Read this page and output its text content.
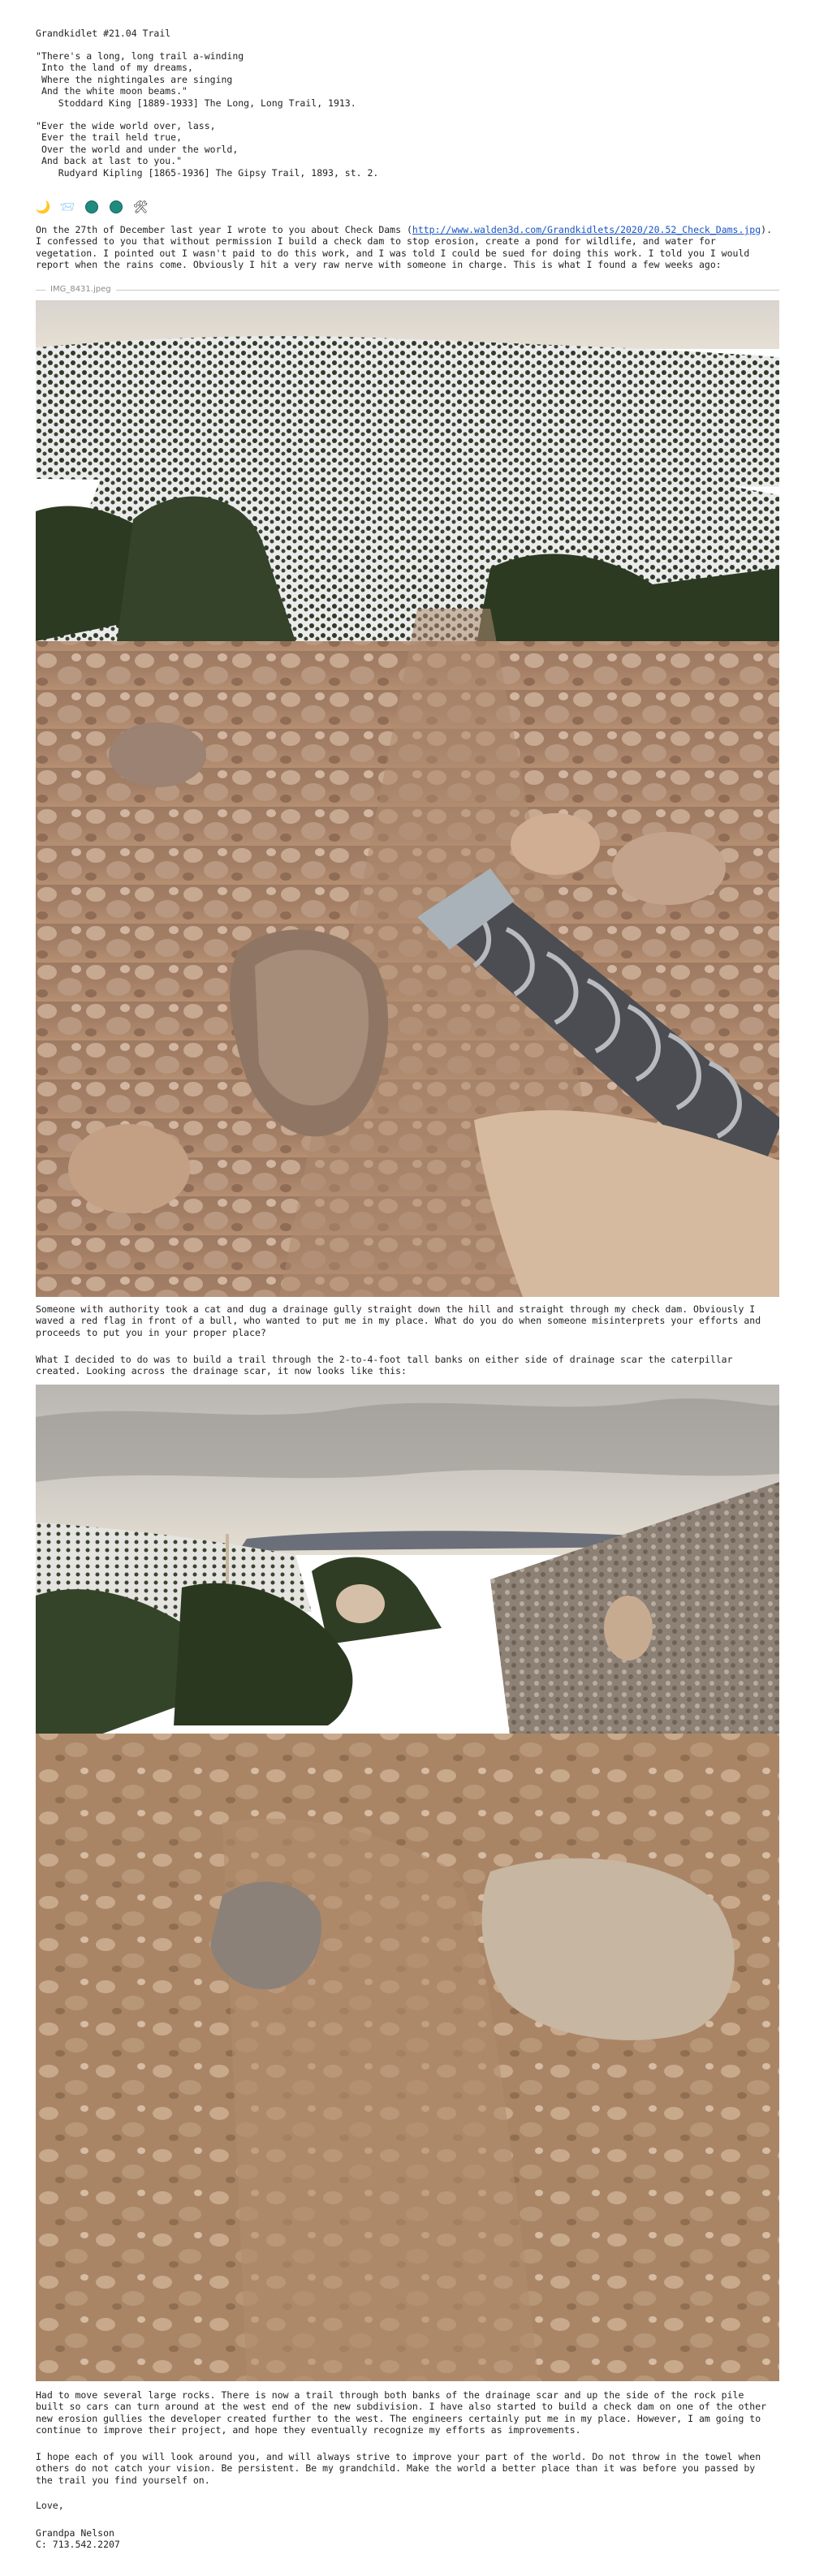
Grandkidlet #21.04 Trail
"There's a long, long trail a-winding
Into the land of my dreams,
Where the nightingales are singing
And the white moon beams."
Stoddard King [1889-1933] The Long, Long Trail, 1913.
"Ever the wide world over, lass,
Ever the trail held true,
Over the world and under the world,
And back at last to you."
Rudyard Kipling [1865-1936] The Gipsy Trail, 1893, st. 2.
🌙 📨	🛠
On the 27th of December last year I wrote to you about Check Dams (http://www.walden3d.com/Grandkidlets/2020/20.52_Check_Dams.jpg).
I confessed to you that without permission I build a check dam to stop erosion, create a pond for wildlife, and water for
vegetation. I pointed out I wasn't paid to do this work, and I was told I could be sued for doing this work. I told you I would
report when the rains come. Obviously I hit a very raw nerve with someone in charge. This is what I found a few weeks ago:
IMG_8431.jpeg
Someone with authority took a cat and dug a drainage gully straight down the hill and straight through my check dam. Obviously I
waved a red flag in front of a bull, who wanted to put me in my place. What do you do when someone misinterprets your efforts and
proceeds to put you in your proper place?
What I decided to do was to build a trail through the 2-to-4-foot tall banks on either side of drainage scar the caterpillar
created. Looking across the drainage scar, it now looks like this:
Had to move several large rocks. There is now a trail through both banks of the drainage scar and up the side of the rock pile
built so cars can turn around at the west end of the new subdivision. I have also started to build a check dam on one of the other
new erosion gullies the developer created further to the west. The engineers certainly put me in my place. However, I am going to
continue to improve their project, and hope they eventually recognize my efforts as improvements.
I hope each of you will look around you, and will always strive to improve your part of the world. Do not throw in the towel when
others do not catch your vision. Be persistent. Be my grandchild. Make the world a better place than it was before you passed by
the trail you find yourself on.
Love,
Grandpa Nelson
C: 713.542.2207
